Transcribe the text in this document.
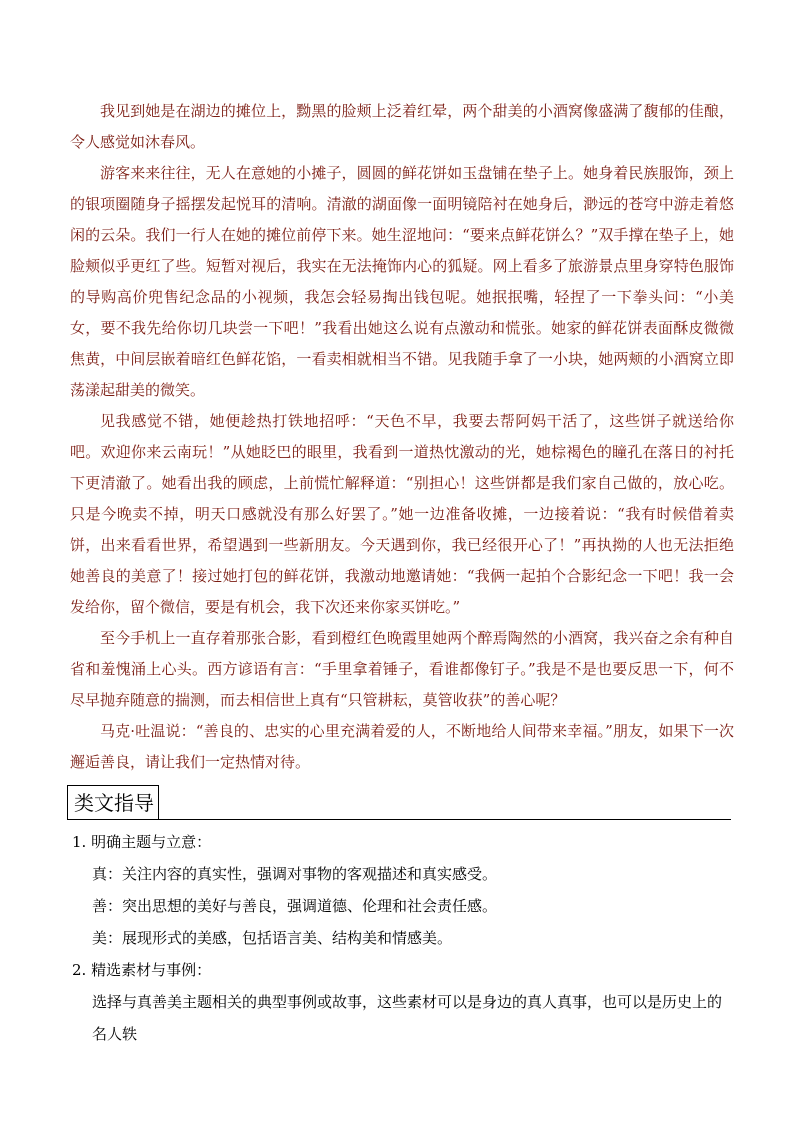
我见到她是在湖边的摊位上，黝黑的脸颊上泛着红晕，两个甜美的小酒窝像盛满了馥郁的佳酿，令人感觉如沐春风。

游客来来往往，无人在意她的小摊子，圆圆的鲜花饼如玉盘铺在垫子上。她身着民族服饰，颈上的银项圈随身子摇摆发起悦耳的清响。清澈的湖面像一面明镜陪衬在她身后，渺远的苍穹中游走着悠闲的云朵。我们一行人在她的摊位前停下来。她生涩地问：“要来点鲜花饼么？”双手撑在垫子上，她脸颊似乎更红了些。短暂对视后，我实在无法掩饰内心的狐疑。网上看多了旅游景点里身穿特色服饰的导购高价兜售纪念品的小视频，我怎会轻易掏出钱包呢。她抿抿嘴，轻捏了一下拳头问：“小美女，要不我先给你切几块尝一下吧！”我看出她这么说有点激动和慌张。她家的鲜花饼表面酥皮微微焦黄，中间层嵌着暗红色鲜花馅，一看卖相就相当不错。见我随手拿了一小块，她两颊的小酒窝立即荡漾起甜美的微笑。

见我感觉不错，她便趁热打铁地招呼：“天色不早，我要去帮阿妈干活了，这些饼子就送给你吧。欢迎你来云南玩！”从她眨巴的眼里，我看到一道热忱激动的光，她棕褐色的瞳孔在落日的衬托下更清澈了。她看出我的顾虑，上前慌忙解释道：“别担心！这些饼都是我们家自己做的，放心吃。只是今晚卖不掉，明天口感就没有那么好罢了。”她一边准备收摊，一边接着说：“我有时候借着卖饼，出来看看世界，希望遇到一些新朋友。今天遇到你，我已经很开心了！”再执拗的人也无法拒绝她善良的美意了！接过她打包的鲜花饼，我激动地邀请她：“我俩一起拍个合影纪念一下吧！我一会发给你，留个微信，要是有机会，我下次还来你家买饼吃。”

至今手机上一直存着那张合影，看到橙红色晚霞里她两个醉焉陶然的小酒窝，我兴奋之余有种自省和羞愧涌上心头。西方谚语有言：“手里拿着锤子，看谁都像钉子。”我是不是也要反思一下，何不尽早抛弃随意的揣测，而去相信世上真有“只管耕耘，莫管收获”的善心呢？

马克·吐温说：“善良的、忠实的心里充满着爱的人，不断地给人间带来幸福。”朋友，如果下一次邂逅善良，请让我们一定热情对待。

类文指导

1. 明确主题与立意：

真：关注内容的真实性，强调对事物的客观描述和真实感受。

善：突出思想的美好与善良，强调道德、伦理和社会责任感。

美：展现形式的美感，包括语言美、结构美和情感美。

2. 精选素材与事例：

选择与真善美主题相关的典型事例或故事，这些素材可以是身边的真人真事，也可以是历史上的名人轶
